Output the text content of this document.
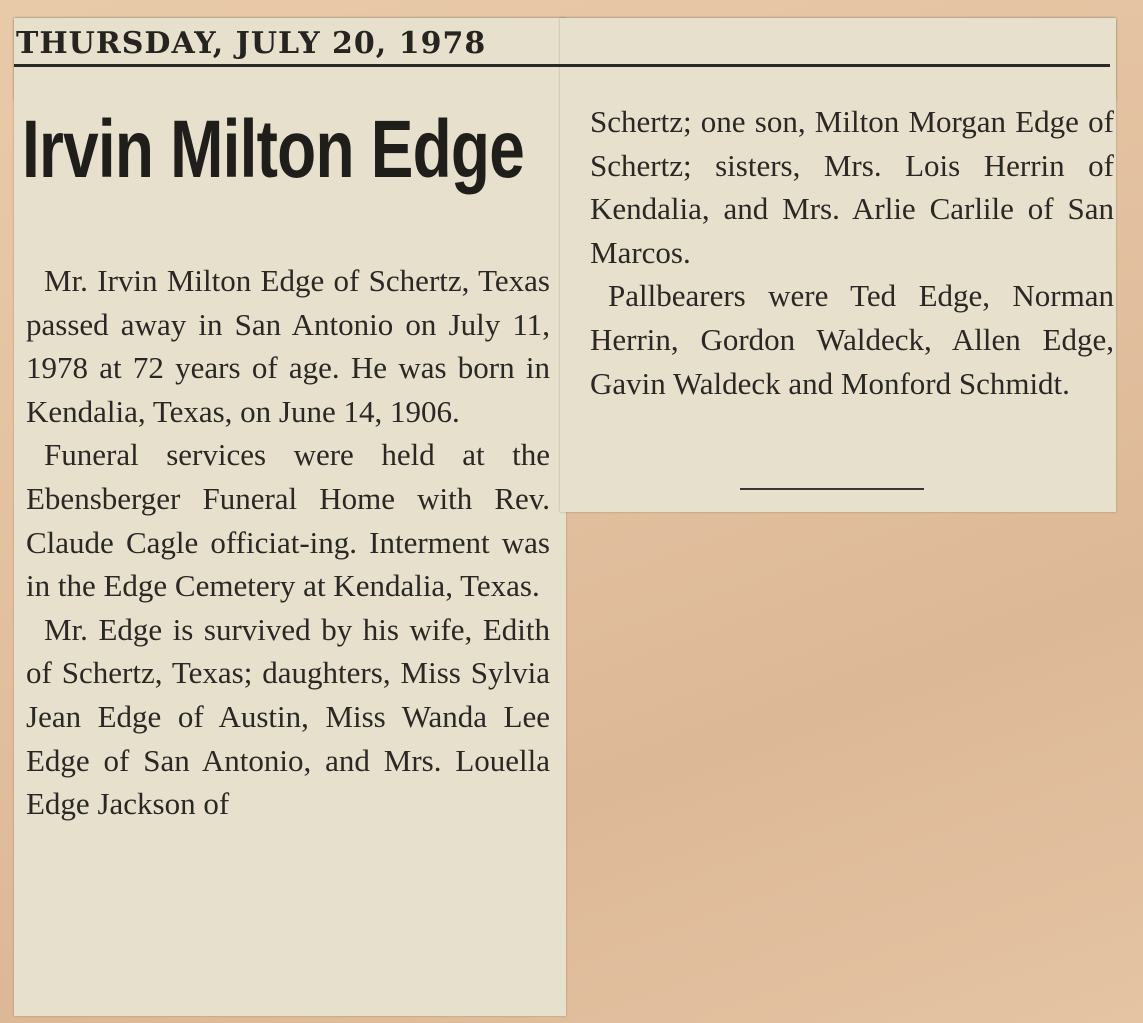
THURSDAY, JULY 20, 1978
Irvin Milton Edge

Mr. Irvin Milton Edge of Schertz, Texas passed away in San Antonio on July 11, 1978 at 72 years of age. He was born in Kendalia, Texas, on June 14, 1906.

Funeral services were held at the Ebensberger Funeral Home with Rev. Claude Cagle officiat-ing. Interment was in the Edge Cemetery at Kendalia, Texas.

Mr. Edge is survived by his wife, Edith of Schertz, Texas; daughters, Miss Sylvia Jean Edge of Austin, Miss Wanda Lee Edge of San Antonio, and Mrs. Louella Edge Jackson of

Schertz; one son, Milton Morgan Edge of Schertz; sisters, Mrs. Lois Herrin of Kendalia, and Mrs. Arlie Carlile of San Marcos.

Pallbearers were Ted Edge, Norman Herrin, Gordon Waldeck, Allen Edge, Gavin Waldeck and Monford Schmidt.
